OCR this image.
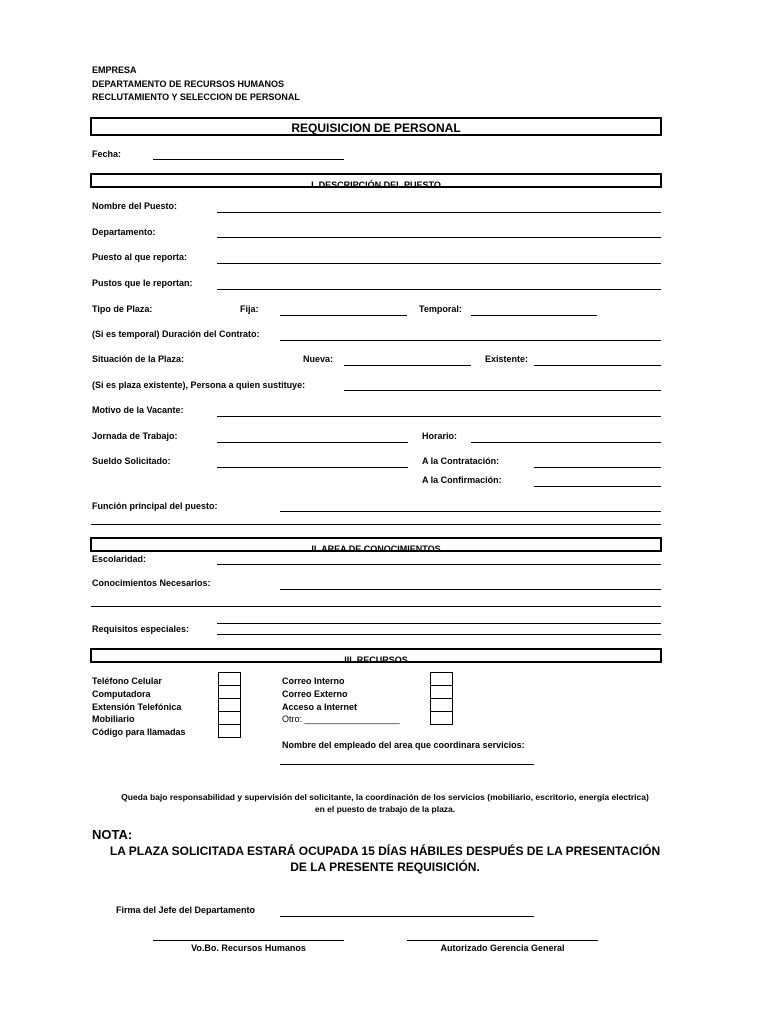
EMPRESA
DEPARTAMENTO DE RECURSOS HUMANOS
RECLUTAMIENTO Y SELECCION DE PERSONAL
REQUISICION DE PERSONAL
Fecha:
I. DESCRIPCIÓN DEL PUESTO
Nombre del Puesto:
Departamento:
Puesto al que reporta:
Pustos que le reportan:
Tipo de Plaza:	Fija:	Temporal:
(Si es temporal) Duración del Contrato:
Situación de la Plaza:	Nueva:	Existente:
(Si es plaza existente), Persona a quien sustituye:
Motivo de la Vacante:
Jornada de Trabajo:	Horario:
Sueldo Solicitado:	A la Contratación:
A la Confirmación:
Función principal del puesto:
II. AREA DE CONOCIMIENTOS
Escolaridad:
Conocimientos Necesarios:
Requisitos especiales:
III. RECURSOS
Teléfono Celular
Computadora
Extensión Telefónica
Mobiliario
Código para llamadas
Correo Interno
Correo Externo
Acceso a Internet
Otro: ___________________
Nombre del empleado del area que coordinara servicios:
Queda bajo responsabilidad y supervisión del solicitante, la coordinación de los servicios (mobiliario, escritorio, energía electrica)
en el puesto de trabajo de la plaza.
NOTA:
LA PLAZA SOLICITADA ESTARÁ OCUPADA 15 DÍAS HÁBILES DESPUÉS DE LA PRESENTACIÓN
DE LA PRESENTE REQUISICIÓN.
Firma del Jefe del Departamento
Vo.Bo. Recursos Humanos	Autorizado Gerencia General
